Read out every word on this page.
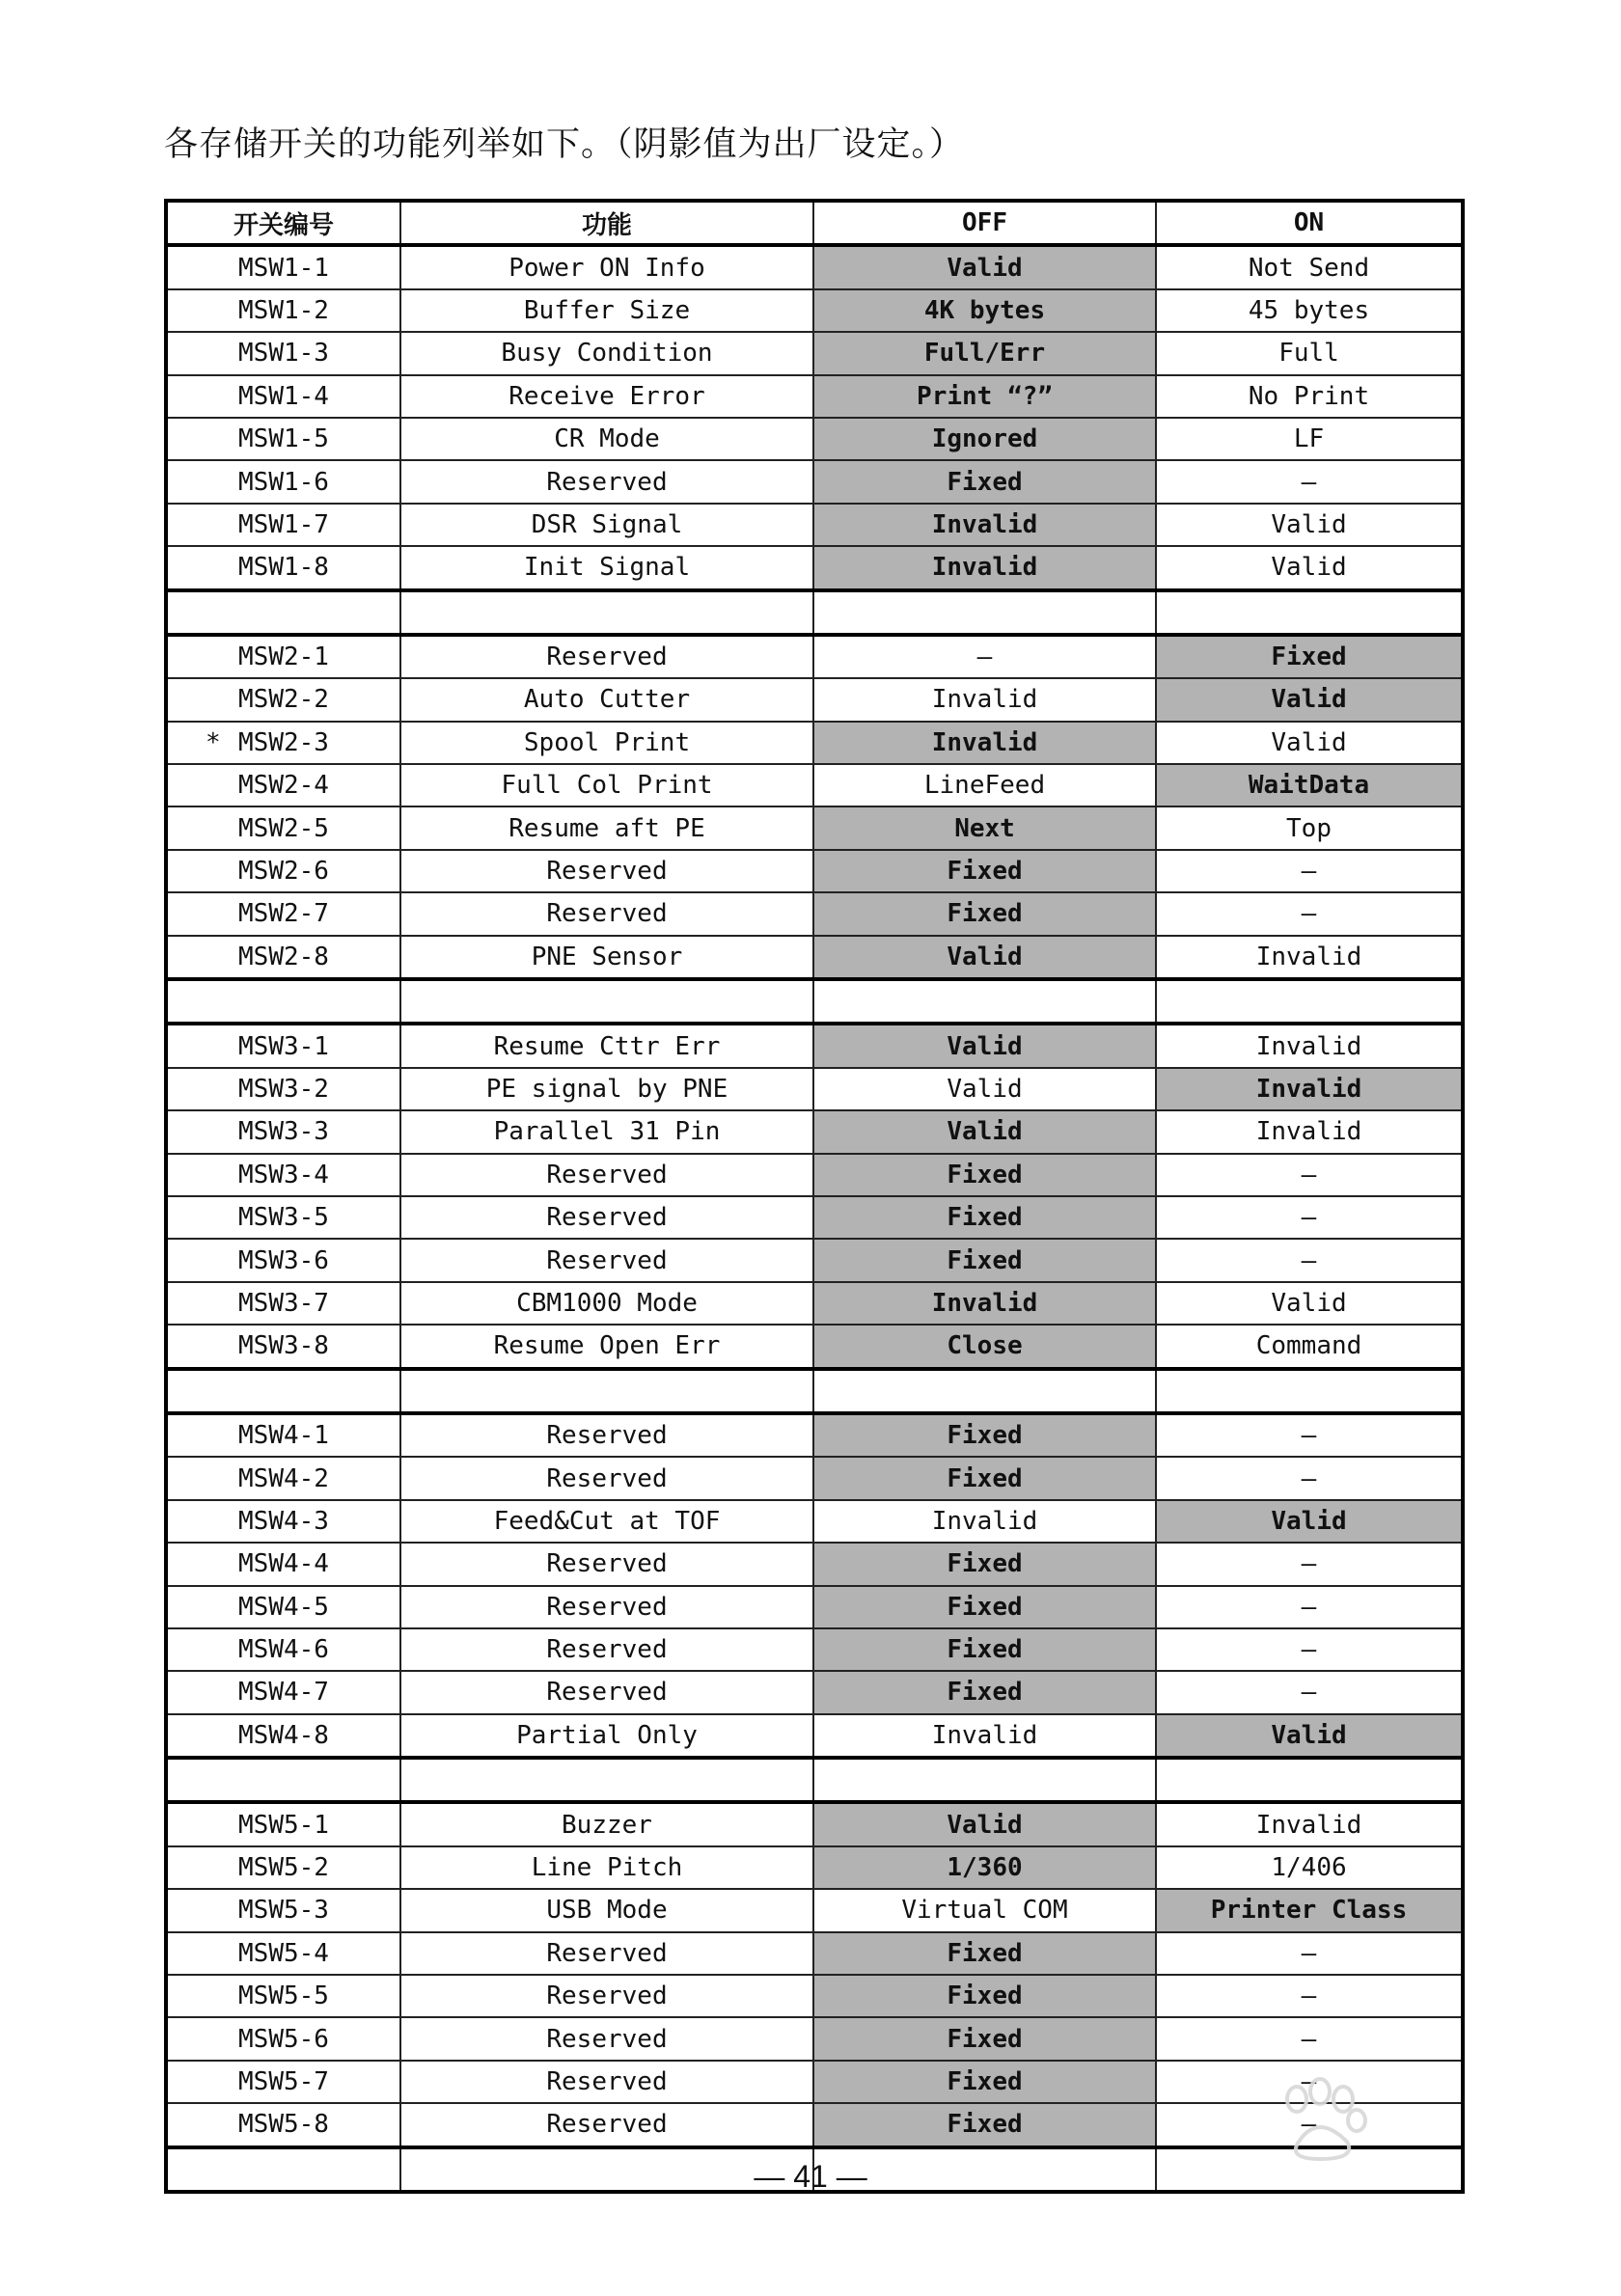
各存储开关的功能列举如下。（阴影值为出厂设定。）
开关编号	功能	OFF	ON
MSW1-1	Power ON Info	Valid	Not Send
MSW1-2	Buffer Size	4K bytes	45 bytes
MSW1-3	Busy Condition	Full/Err	Full
MSW1-4	Receive Error	Print “?”	No Print
MSW1-5	CR Mode	Ignored	LF
MSW1-6	Reserved	Fixed	—
MSW1-7	DSR Signal	Invalid	Valid
MSW1-8	Init Signal	Invalid	Valid

MSW2-1	Reserved	—	Fixed
MSW2-2	Auto Cutter	Invalid	Valid
* MSW2-3	Spool Print	Invalid	Valid
MSW2-4	Full Col Print	LineFeed	WaitData
MSW2-5	Resume aft PE	Next	Top
MSW2-6	Reserved	Fixed	—
MSW2-7	Reserved	Fixed	—
MSW2-8	PNE Sensor	Valid	Invalid

MSW3-1	Resume Cttr Err	Valid	Invalid
MSW3-2	PE signal by PNE	Valid	Invalid
MSW3-3	Parallel 31 Pin	Valid	Invalid
MSW3-4	Reserved	Fixed	—
MSW3-5	Reserved	Fixed	—
MSW3-6	Reserved	Fixed	—
MSW3-7	CBM1000 Mode	Invalid	Valid
MSW3-8	Resume Open Err	Close	Command

MSW4-1	Reserved	Fixed	—
MSW4-2	Reserved	Fixed	—
MSW4-3	Feed&Cut at TOF	Invalid	Valid
MSW4-4	Reserved	Fixed	—
MSW4-5	Reserved	Fixed	—
MSW4-6	Reserved	Fixed	—
MSW4-7	Reserved	Fixed	—
MSW4-8	Partial Only	Invalid	Valid

MSW5-1	Buzzer	Valid	Invalid
MSW5-2	Line Pitch	1/360	1/406
MSW5-3	USB Mode	Virtual COM	Printer Class
MSW5-4	Reserved	Fixed	—
MSW5-5	Reserved	Fixed	—
MSW5-6	Reserved	Fixed	—
MSW5-7	Reserved	Fixed	—
MSW5-8	Reserved	Fixed	—

— 41 —
